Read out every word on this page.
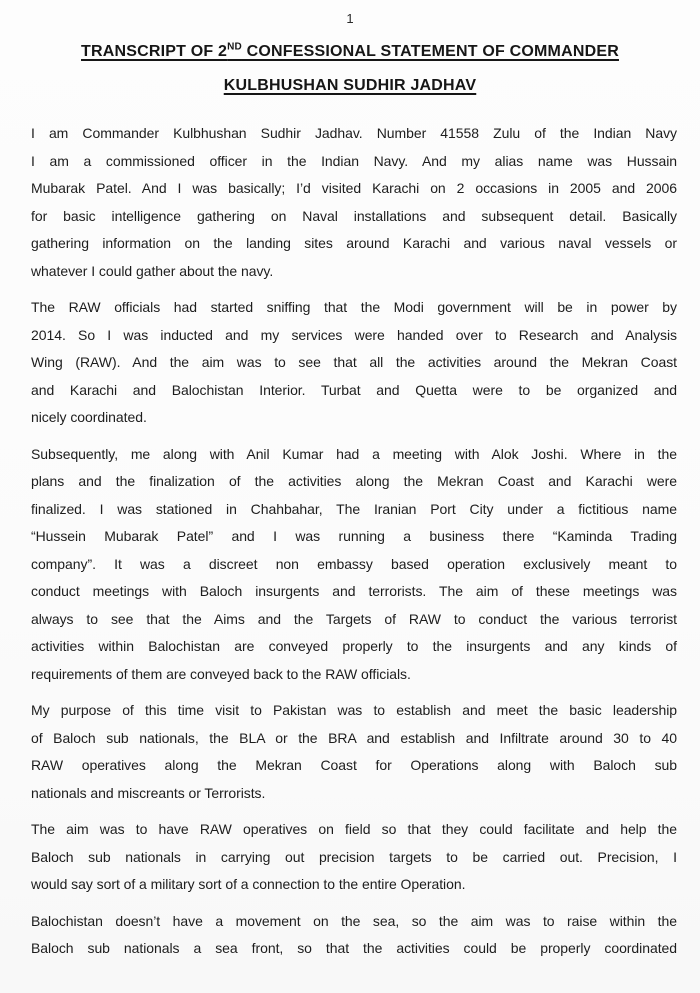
1
TRANSCRIPT OF 2ND CONFESSIONAL STATEMENT OF COMMANDER
KULBHUSHAN SUDHIR JADHAV
I am Commander Kulbhushan Sudhir Jadhav. Number 41558 Zulu of the Indian Navy
I am a commissioned officer in the Indian Navy. And my alias name was Hussain
Mubarak Patel. And I was basically; I’d visited Karachi on 2 occasions in 2005 and 2006
for basic intelligence gathering on Naval installations and subsequent detail. Basically
gathering information on the landing sites around Karachi and various naval vessels or
whatever I could gather about the navy.
The RAW officials had started sniffing that the Modi government will be in power by
2014. So I was inducted and my services were handed over to Research and Analysis
Wing (RAW). And the aim was to see that all the activities around the Mekran Coast
and Karachi and Balochistan Interior. Turbat and Quetta were to be organized and
nicely coordinated.
Subsequently, me along with Anil Kumar had a meeting with Alok Joshi. Where in the
plans and the finalization of the activities along the Mekran Coast and Karachi were
finalized. I was stationed in Chahbahar, The Iranian Port City under a fictitious name
“Hussein Mubarak Patel” and I was running a business there “Kaminda Trading
company”. It was a discreet non embassy based operation exclusively meant to
conduct meetings with Baloch insurgents and terrorists. The aim of these meetings was
always to see that the Aims and the Targets of RAW to conduct the various terrorist
activities within Balochistan are conveyed properly to the insurgents and any kinds of
requirements of them are conveyed back to the RAW officials.
My purpose of this time visit to Pakistan was to establish and meet the basic leadership
of Baloch sub nationals, the BLA or the BRA and establish and Infiltrate around 30 to 40
RAW operatives along the Mekran Coast for Operations along with Baloch sub
nationals and miscreants or Terrorists.
The aim was to have RAW operatives on field so that they could facilitate and help the
Baloch sub nationals in carrying out precision targets to be carried out. Precision, I
would say sort of a military sort of a connection to the entire Operation.
Balochistan doesn’t have a movement on the sea, so the aim was to raise within the
Baloch sub nationals a sea front, so that the activities could be properly coordinated
